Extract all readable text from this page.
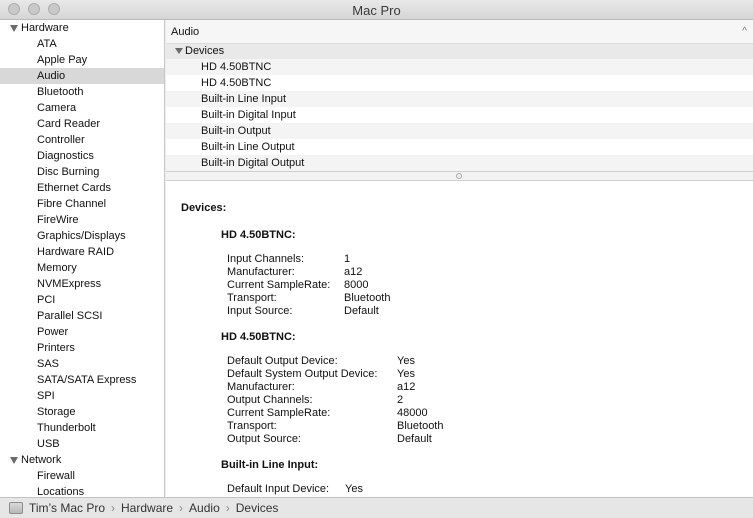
Mac Pro
Hardware
ATA
Apple Pay
Audio
Bluetooth
Camera
Card Reader
Controller
Diagnostics
Disc Burning
Ethernet Cards
Fibre Channel
FireWire
Graphics/Displays
Hardware RAID
Memory
NVMExpress
PCI
Parallel SCSI
Power
Printers
SAS
SATA/SATA Express
SPI
Storage
Thunderbolt
USB
Network
Firewall
Locations
Audio	^
Devices
HD 4.50BTNC
HD 4.50BTNC
Built-in Line Input
Built-in Digital Input
Built-in Output
Built-in Line Output
Built-in Digital Output
Devices:
HD 4.50BTNC:
Input Channels:	1
Manufacturer:	a12
Current SampleRate:	8000
Transport:	Bluetooth
Input Source:	Default
HD 4.50BTNC:
Default Output Device:	Yes
Default System Output Device:	Yes
Manufacturer:	a12
Output Channels:	2
Current SampleRate:	48000
Transport:	Bluetooth
Output Source:	Default
Built-in Line Input:
Default Input Device:	Yes
Tim’s Mac Pro › Hardware › Audio › Devices
